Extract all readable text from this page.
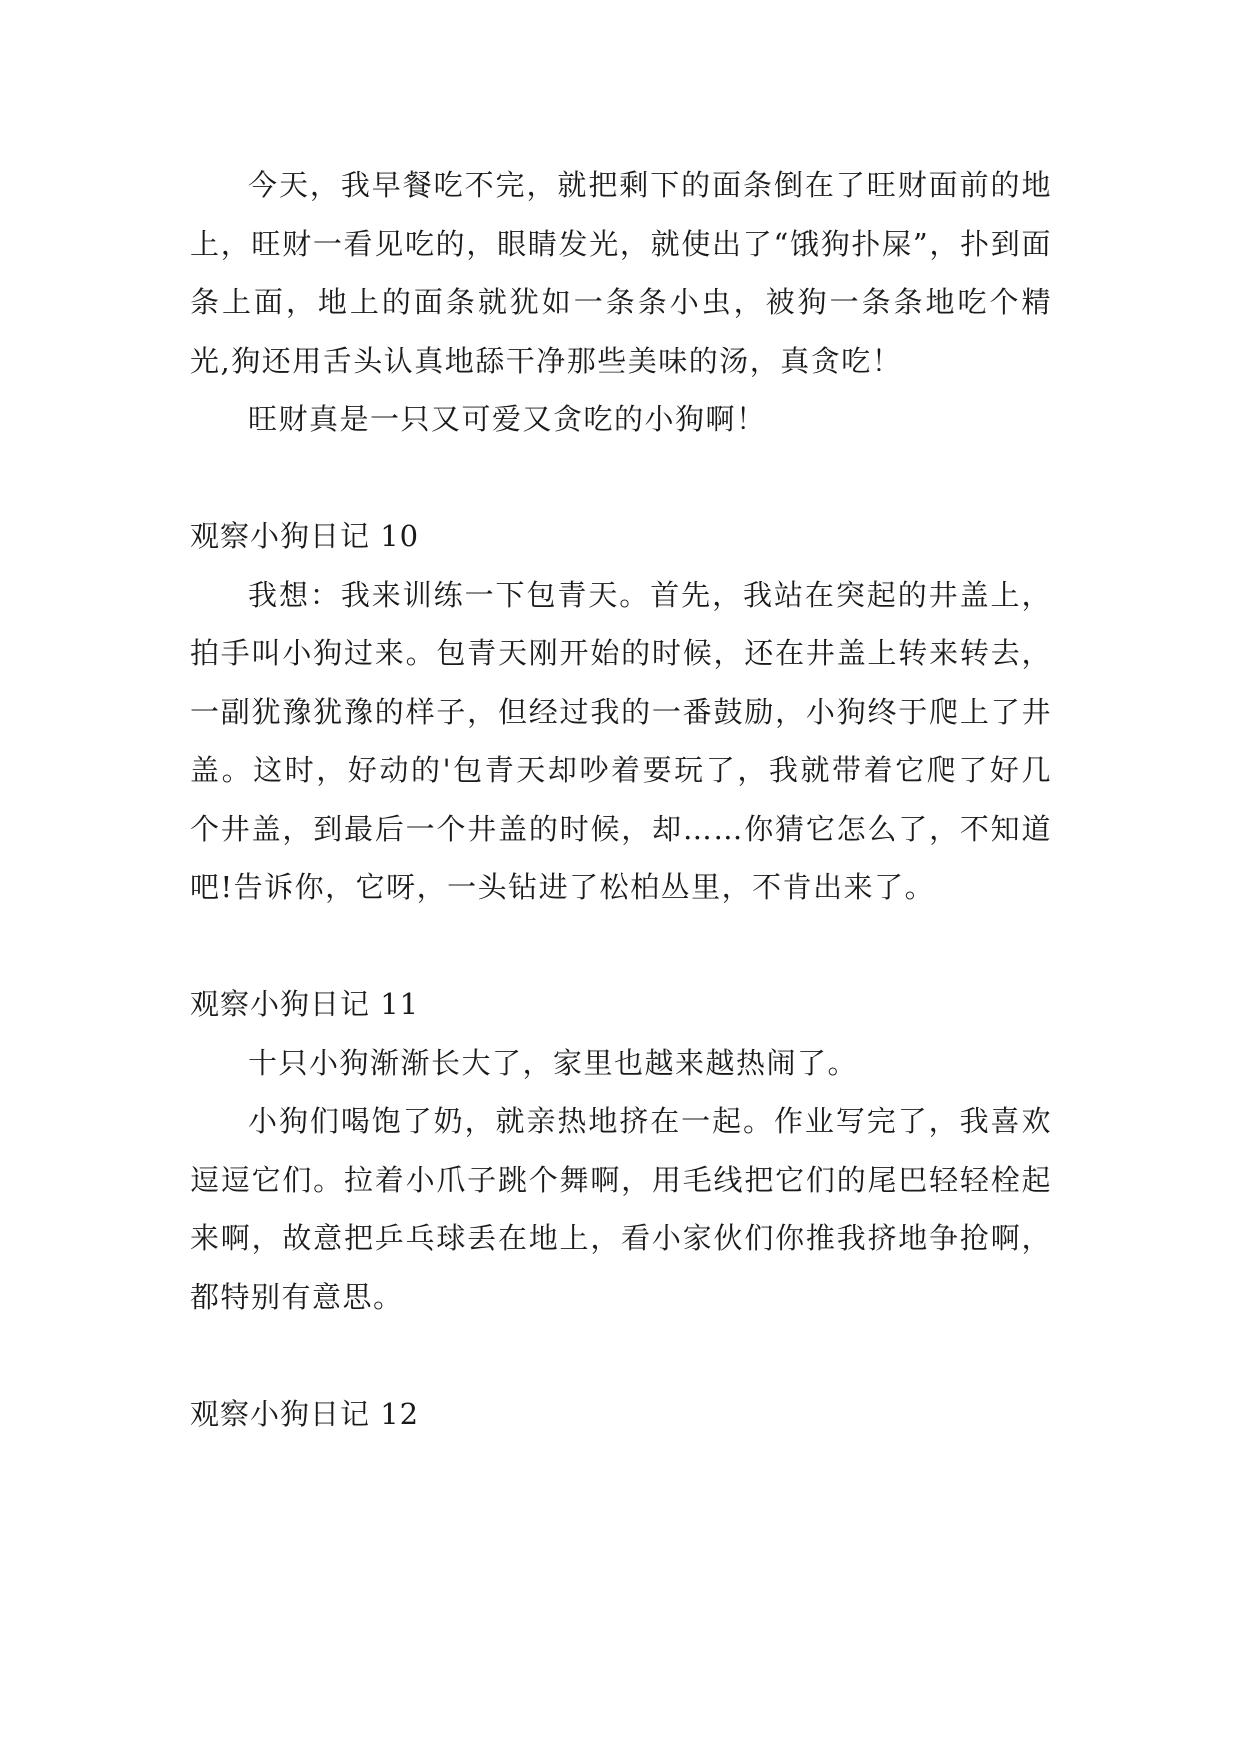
今天，我早餐吃不完，就把剩下的面条倒在了旺财面前的地上，旺财一看见吃的，眼睛发光，就使出了“饿狗扑屎”，扑到面条上面，地上的面条就犹如一条条小虫，被狗一条条地吃个精光,狗还用舌头认真地舔干净那些美味的汤，真贪吃！

旺财真是一只又可爱又贪吃的小狗啊！

观察小狗日记 10

我想：我来训练一下包青天。首先，我站在突起的井盖上，拍手叫小狗过来。包青天刚开始的时候，还在井盖上转来转去，一副犹豫犹豫的样子，但经过我的一番鼓励，小狗终于爬上了井盖。这时，好动的'包青天却吵着要玩了，我就带着它爬了好几个井盖，到最后一个井盖的时候，却……你猜它怎么了，不知道吧!告诉你，它呀，一头钻进了松柏丛里，不肯出来了。

观察小狗日记 11

十只小狗渐渐长大了，家里也越来越热闹了。

小狗们喝饱了奶，就亲热地挤在一起。作业写完了，我喜欢逗逗它们。拉着小爪子跳个舞啊，用毛线把它们的尾巴轻轻栓起来啊，故意把乒乓球丢在地上，看小家伙们你推我挤地争抢啊，都特别有意思。

观察小狗日记 12
